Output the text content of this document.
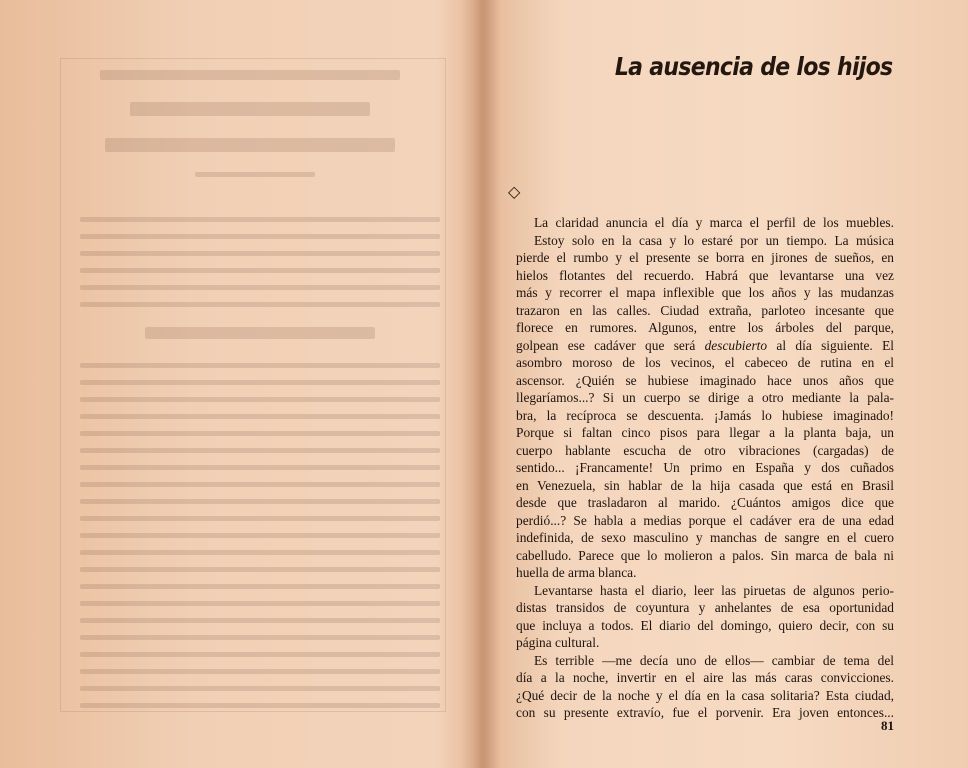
La ausencia de los hijos
◇

La claridad anuncia el día y marca el perfil de los muebles.
Estoy solo en la casa y lo estaré por un tiempo. La música
pierde el rumbo y el presente se borra en jirones de sueños, en
hielos flotantes del recuerdo. Habrá que levantarse una vez
más y recorrer el mapa inflexible que los años y las mudanzas
trazaron en las calles. Ciudad extraña, parloteo incesante que
florece en rumores. Algunos, entre los árboles del parque,
golpean ese cadáver que será descubierto al día siguiente. El
asombro moroso de los vecinos, el cabeceo de rutina en el
ascensor. ¿Quién se hubiese imaginado hace unos años que
llegaríamos...? Si un cuerpo se dirige a otro mediante la pala-
bra, la recíproca se descuenta. ¡Jamás lo hubiese imaginado!
Porque si faltan cinco pisos para llegar a la planta baja, un
cuerpo hablante escucha de otro vibraciones (cargadas) de
sentido... ¡Francamente! Un primo en España y dos cuñados
en Venezuela, sin hablar de la hija casada que está en Brasil
desde que trasladaron al marido. ¿Cuántos amigos dice que
perdió...? Se habla a medias porque el cadáver era de una edad
indefinida, de sexo masculino y manchas de sangre en el cuero
cabelludo. Parece que lo molieron a palos. Sin marca de bala ni
huella de arma blanca.

Levantarse hasta el diario, leer las piruetas de algunos perio-
distas transidos de coyuntura y anhelantes de esa oportunidad
que incluya a todos. El diario del domingo, quiero decir, con su
página cultural.

Es terrible —me decía uno de ellos— cambiar de tema del
día a la noche, invertir en el aire las más caras convicciones.
¿Qué decir de la noche y el día en la casa solitaria? Esta ciudad,
con su presente extravío, fue el porvenir. Era joven entonces...

81
